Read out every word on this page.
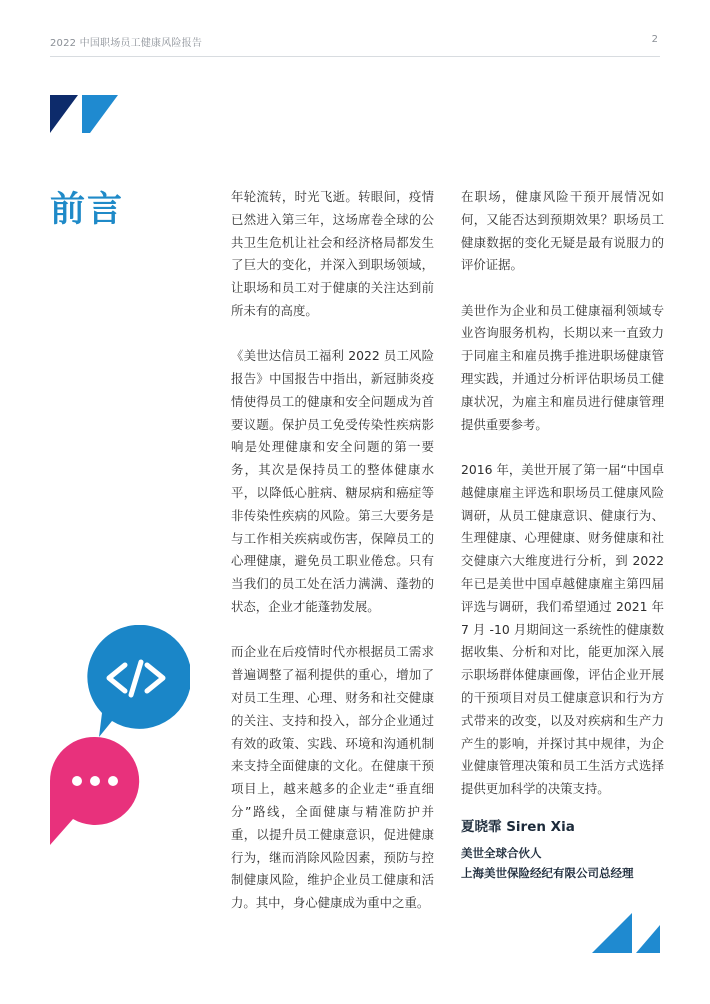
2022 中国职场员工健康风险报告	2
前言	年轮流转，时光飞逝。转眼间，疫情已然进入第三年，这场席卷全球的公共卫生危机让社会和经济格局都发生了巨大的变化，并深入到职场领域，让职场和员工对于健康的关注达到前所未有的高度。

《美世达信员工福利 2022 员工风险报告》中国报告中指出，新冠肺炎疫情使得员工的健康和安全问题成为首要议题。保护员工免受传染性疾病影响是处理健康和安全问题的第一要务，其次是保持员工的整体健康水平，以降低心脏病、糖尿病和癌症等非传染性疾病的风险。第三大要务是与工作相关疾病或伤害，保障员工的心理健康，避免员工职业倦怠。只有当我们的员工处在活力满满、蓬勃的状态，企业才能蓬勃发展。

而企业在后疫情时代亦根据员工需求普遍调整了福利提供的重心，增加了对员工生理、心理、财务和社交健康的关注、支持和投入，部分企业通过有效的政策、实践、环境和沟通机制来支持全面健康的文化。在健康干预项目上，越来越多的企业走“垂直细分”路线，全面健康与精准防护并重，以提升员工健康意识，促进健康行为，继而消除风险因素，预防与控制健康风险，维护企业员工健康和活力。其中，身心健康成为重中之重。

在职场，健康风险干预开展情况如何，又能否达到预期效果？职场员工健康数据的变化无疑是最有说服力的评价证据。

美世作为企业和员工健康福利领域专业咨询服务机构，长期以来一直致力于同雇主和雇员携手推进职场健康管理实践，并通过分析评估职场员工健康状况，为雇主和雇员进行健康管理提供重要参考。

2016 年，美世开展了第一届“中国卓越健康雇主评选和职场员工健康风险调研，从员工健康意识、健康行为、生理健康、心理健康、财务健康和社交健康六大维度进行分析，到 2022 年已是美世中国卓越健康雇主第四届评选与调研，我们希望通过 2021 年 7 月 -10 月期间这一系统性的健康数据收集、分析和对比，能更加深入展示职场群体健康画像，评估企业开展的干预项目对员工健康意识和行为方式带来的改变，以及对疾病和生产力产生的影响，并探讨其中规律，为企业健康管理决策和员工生活方式选择提供更加科学的决策支持。

夏晓霏 Siren Xia
美世全球合伙人
上海美世保险经纪有限公司总经理
